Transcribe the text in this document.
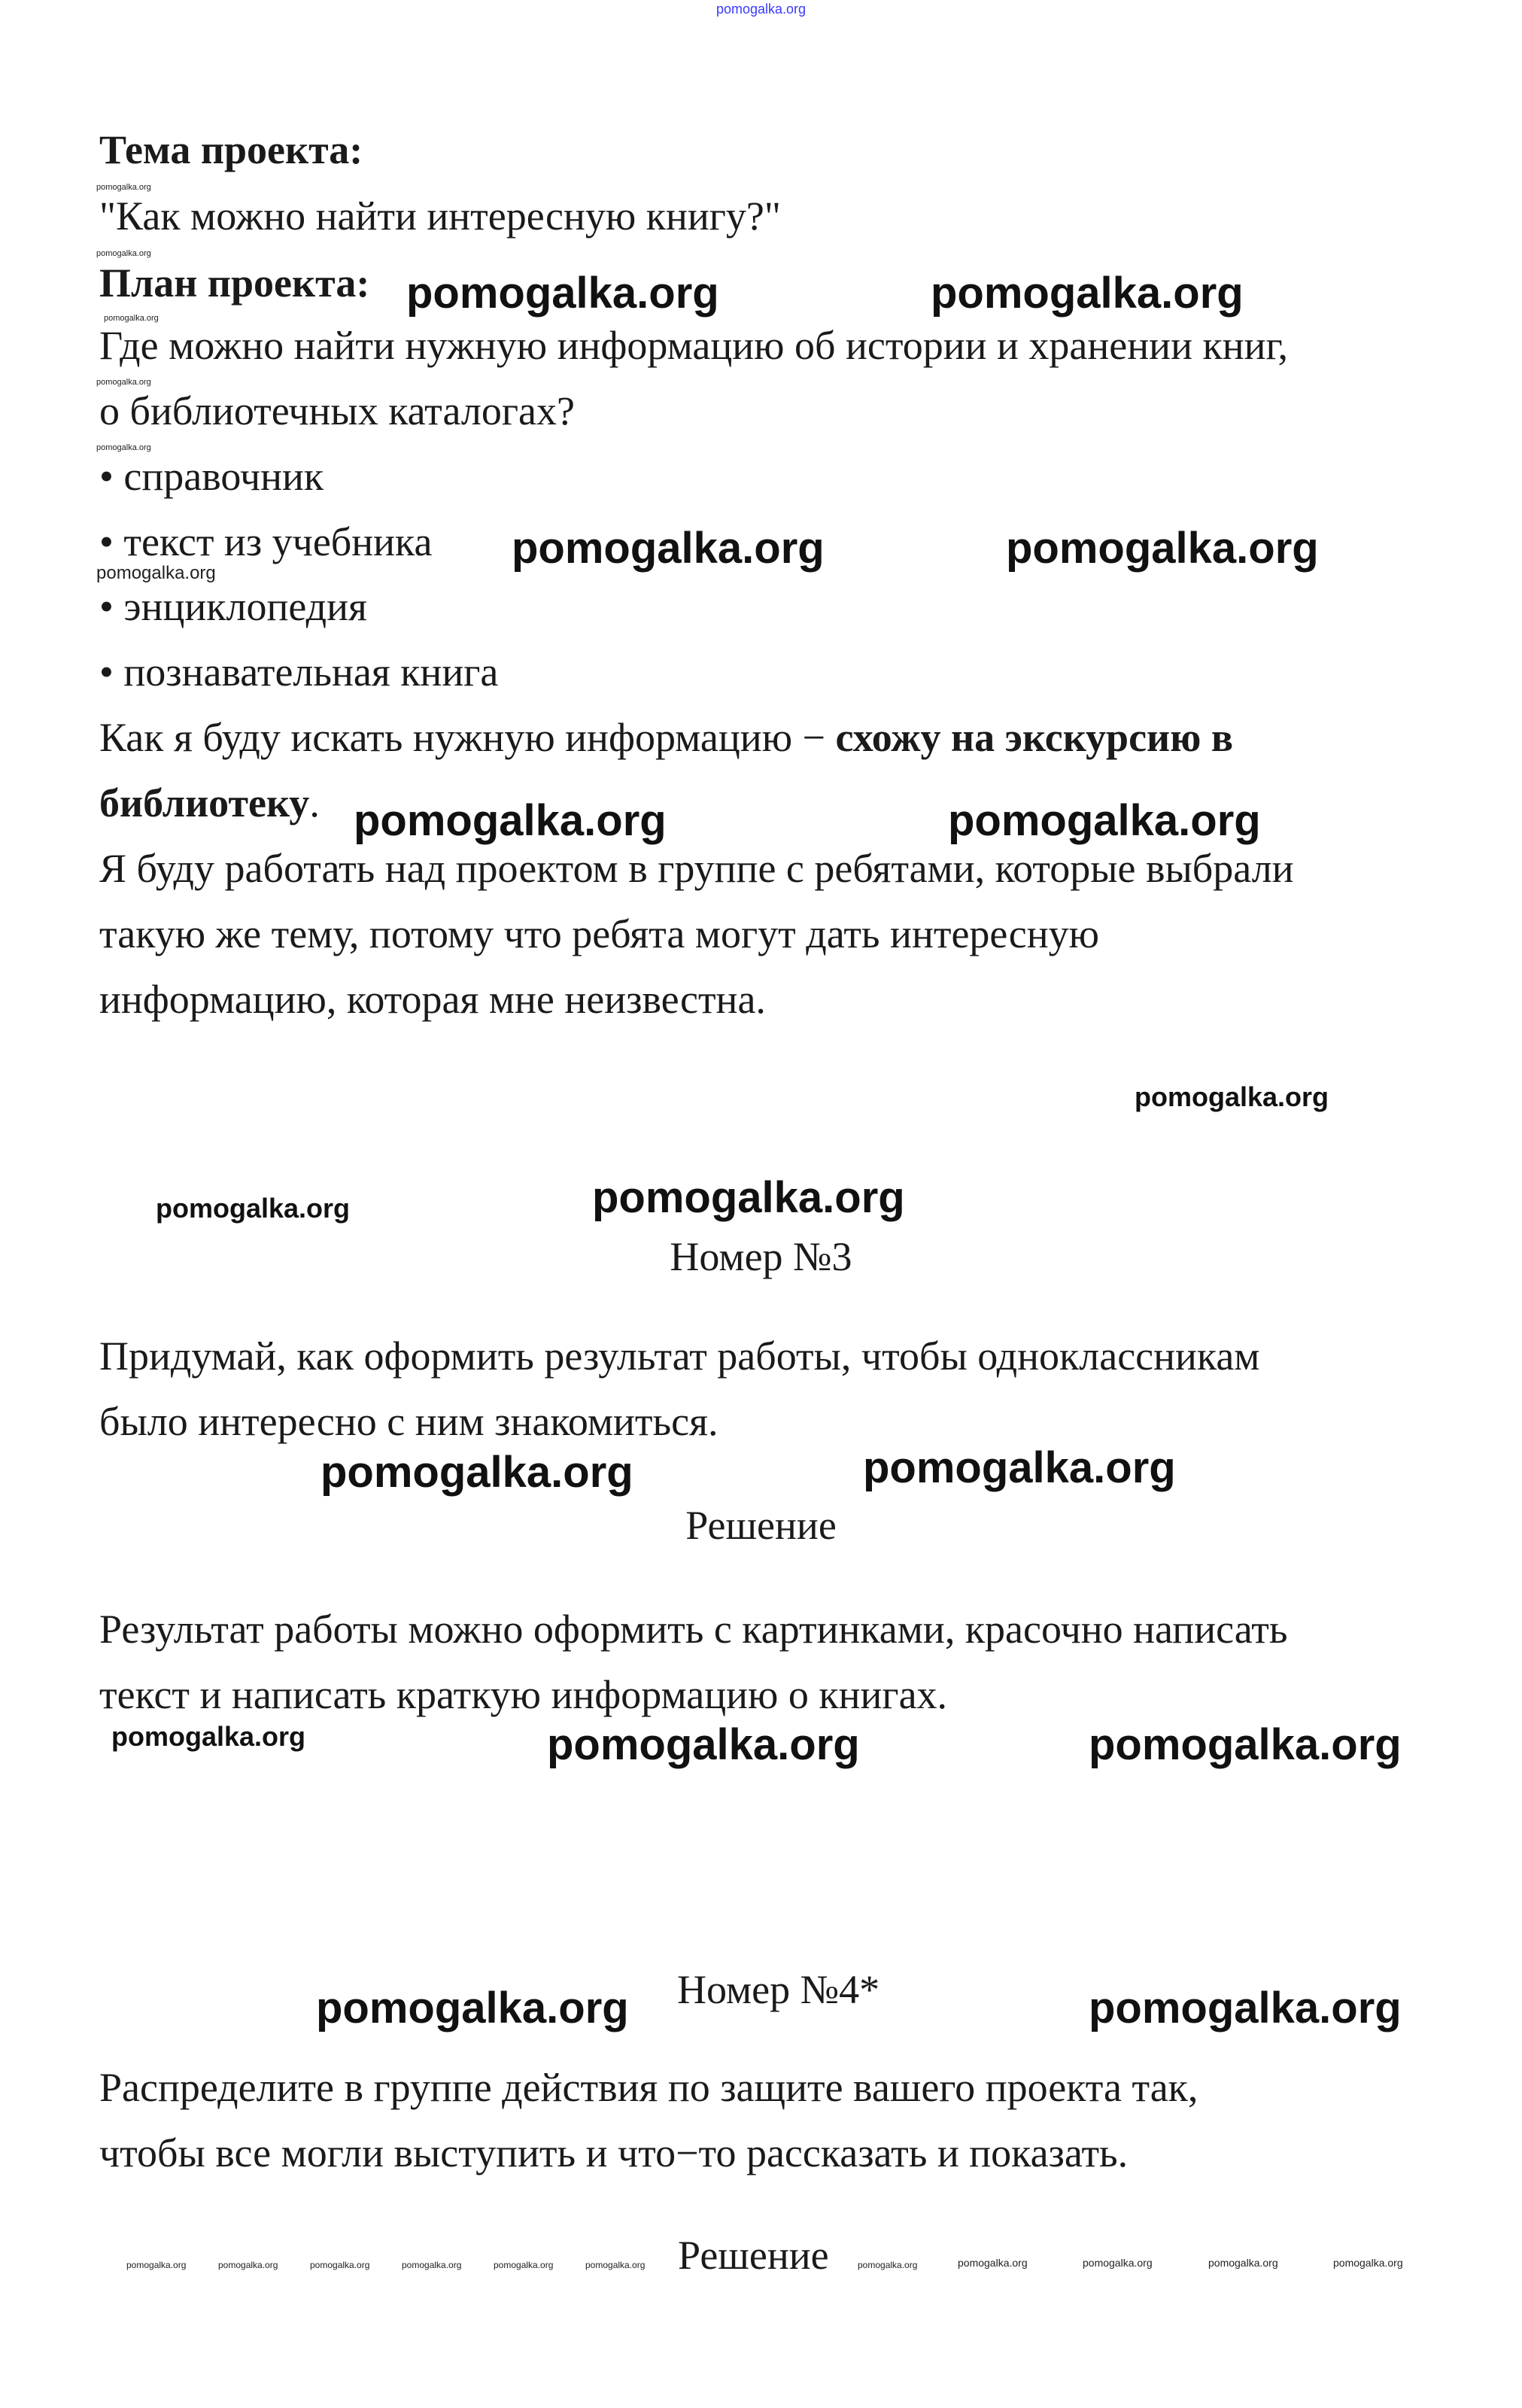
pomogalka.org
Тема проекта:
pomogalka.org
"Как можно найти интересную книгу?"
pomogalka.org
План проекта: pomogalka.org	pomogalka.org
pomogalka.org
Где можно найти нужную информацию об истории и хранении книг,
pomogalka.org
о библиотечных каталогах?
pomogalka.org
• справочник
• текст из учебника pomogalka.org	pomogalka.org
pomogalka.org
• энциклопедия
• познавательная книга
Как я буду искать нужную информацию − схожу на экскурсию в
библиотеку. pomogalka.org	pomogalka.org
Я буду работать над проектом в группе с ребятами, которые выбрали
такую же тему, потому что ребята могут дать интересную
информацию, которая мне неизвестна.
pomogalka.org
pomogalka.org	pomogalka.org
Номер №3
Придумай, как оформить результат работы, чтобы одноклассникам
было интересно с ним знакомиться.
pomogalka.org	pomogalka.org
Решение
Результат работы можно оформить с картинками, красочно написать
текст и написать краткую информацию о книгах.
pomogalka.org	pomogalka.org	pomogalka.org
Номер №4*
pomogalka.org	pomogalka.org
Распределите в группе действия по защите вашего проекта так,
чтобы все могли выступить и что−то рассказать и показать.
pomogalka.org	pomogalka.org	pomogalka.org	pomogalka.org	pomogalka.org	pomogalka.org Решение	pomogalka.org	pomogalka.org	pomogalka.org	pomogalka.org	pomogalka.org
